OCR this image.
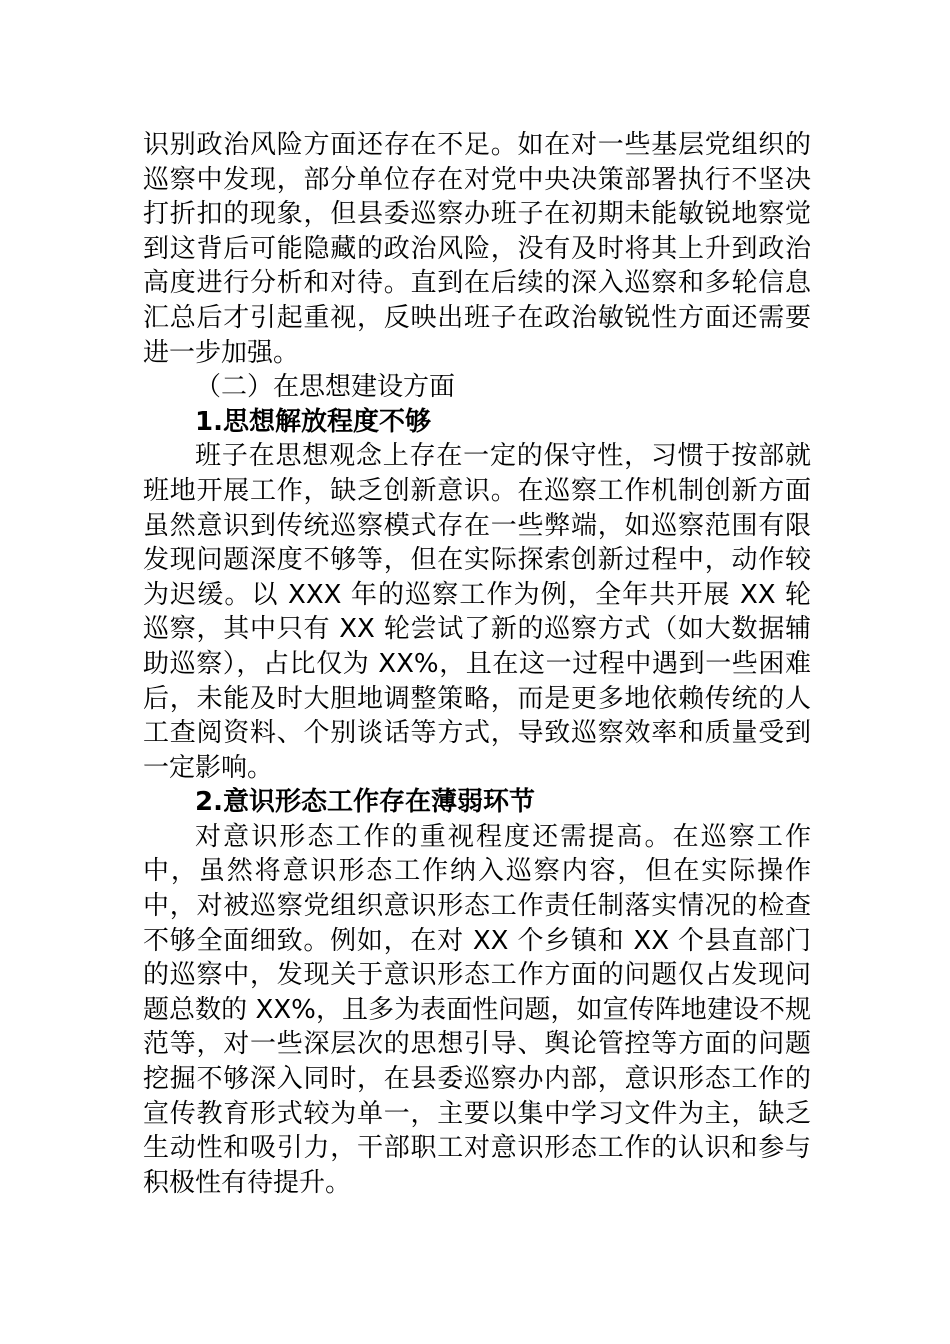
识别政治风险方面还存在不足。如在对一些基层党组织的巡察中发现，部分单位存在对党中央决策部署执行不坚决打折扣的现象，但县委巡察办班子在初期未能敏锐地察觉到这背后可能隐藏的政治风险，没有及时将其上升到政治高度进行分析和对待。直到在后续的深入巡察和多轮信息汇总后才引起重视，反映出班子在政治敏锐性方面还需要进一步加强。

（二）在思想建设方面

1.思想解放程度不够

班子在思想观念上存在一定的保守性，习惯于按部就班地开展工作，缺乏创新意识。在巡察工作机制创新方面虽然意识到传统巡察模式存在一些弊端，如巡察范围有限发现问题深度不够等，但在实际探索创新过程中，动作较为迟缓。以 XXX 年的巡察工作为例，全年共开展 XX 轮巡察，其中只有 XX 轮尝试了新的巡察方式（如大数据辅助巡察），占比仅为 XX%，且在这一过程中遇到一些困难后，未能及时大胆地调整策略，而是更多地依赖传统的人工查阅资料、个别谈话等方式，导致巡察效率和质量受到一定影响。

2.意识形态工作存在薄弱环节

对意识形态工作的重视程度还需提高。在巡察工作中，虽然将意识形态工作纳入巡察内容，但在实际操作中，对被巡察党组织意识形态工作责任制落实情况的检查不够全面细致。例如，在对 XX 个乡镇和 XX 个县直部门的巡察中，发现关于意识形态工作方面的问题仅占发现问题总数的 XX%，且多为表面性问题，如宣传阵地建设不规范等，对一些深层次的思想引导、舆论管控等方面的问题挖掘不够深入同时，在县委巡察办内部，意识形态工作的宣传教育形式较为单一，主要以集中学习文件为主，缺乏生动性和吸引力，干部职工对意识形态工作的认识和参与积极性有待提升。
